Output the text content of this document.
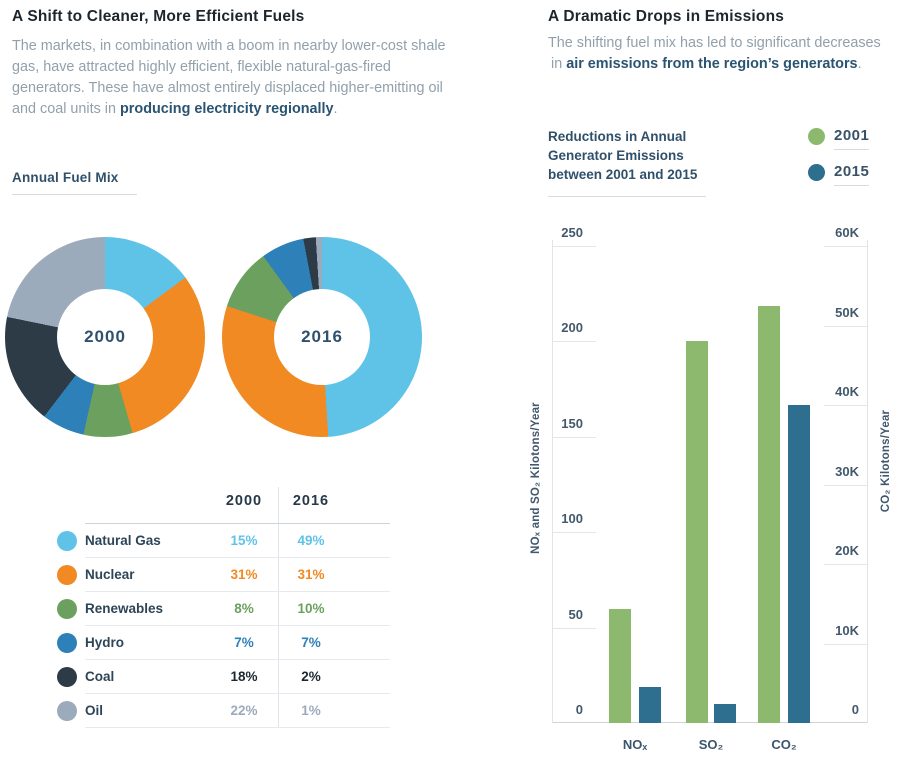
A Shift to Cleaner, More Efficient Fuels
The markets, in combination with a boom in nearby lower-cost shale gas, have attracted highly efficient, flexible natural-gas-fired generators. These have almost entirely displaced higher-emitting oil and coal units in producing electricity regionally.
Annual Fuel Mix
2000	2016
2000	2016
Natural Gas	15%	49%
Nuclear	31%	31%
Renewables	8%	10%
Hydro	7%	7%
Coal	18%	2%
Oil	22%	1%
A Dramatic Drops in Emissions
The shifting fuel mix has led to significant decreases
in air emissions from the region’s generators.
Reductions in Annual
Generator Emissions
between 2001 and 2015
2001
2015
NOₓ and SO₂ Kilotons/Year	CO₂ Kilotons/Year
NOₓ	SO₂	CO₂
0
50
100
150
200
250
0
10K
20K
30K
40K
50K
60K
